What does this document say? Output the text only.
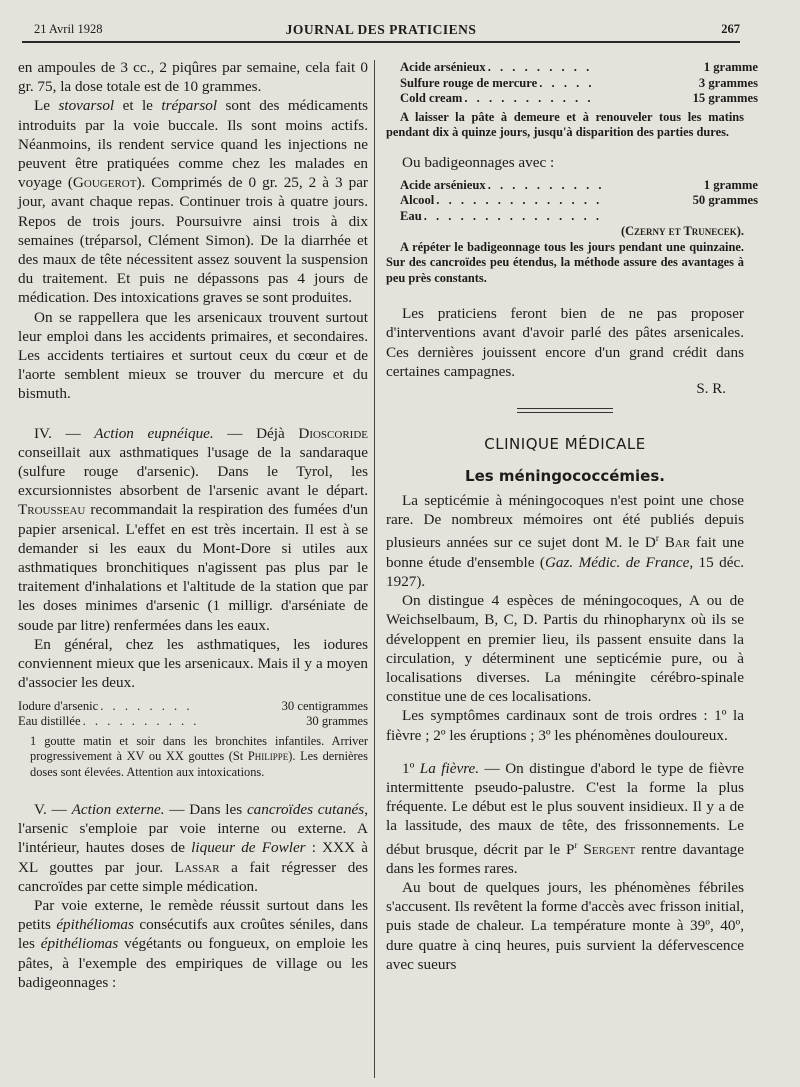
21 Avril 1928	JOURNAL DES PRATICIENS	267

en ampoules de 3 cc., 2 piqûres par semaine, cela fait 0 gr. 75, la dose totale est de 10 grammes.

Le stovarsol et le tréparsol sont des médicaments introduits par la voie buccale. Ils sont moins actifs. Néanmoins, ils rendent service quand les injections ne peuvent être pratiquées comme chez les malades en voyage (Gougerot). Comprimés de 0 gr. 25, 2 à 3 par jour, avant chaque repas. Continuer trois à quatre jours. Repos de trois jours. Poursuivre ainsi trois à dix semaines (tréparsol, Clément Simon). De la diarrhée et des maux de tête nécessitent assez souvent la suspension du traitement. Et puis ne dépassons pas 4 jours de médication. Des intoxications graves se sont produites.

On se rappellera que les arsenicaux trouvent surtout leur emploi dans les accidents primaires, et secondaires. Les accidents tertiaires et surtout ceux du cœur et de l'aorte semblent mieux se trouver du mercure et du bismuth.

IV. — Action eupnéique. — Déjà Dioscoride conseillait aux asthmatiques l'usage de la sandaraque (sulfure rouge d'arsenic). Dans le Tyrol, les excursionnistes absorbent de l'arsenic avant le départ. Trousseau recommandait la respiration des fumées d'un papier arsenical. L'effet en est très incertain. Il est à se demander si les eaux du Mont-Dore si utiles aux asthmatiques bronchitiques n'agissent pas plus par le traitement d'inhalations et l'altitude de la station que par les doses minimes d'arsenic (1 milligr. d'arséniate de soude par litre) renfermées dans les eaux.

En général, chez les asthmatiques, les iodures conviennent mieux que les arsenicaux. Mais il y a moyen d'associer les deux.

Iodure d'arsenic . . . . . . . .	30 centigrammes
Eau distillée . . . . . . . . . .	30 grammes

1 goutte matin et soir dans les bronchites infantiles. Arriver progressivement à XV ou XX gouttes (St Philippe). Les dernières doses sont élevées. Attention aux intoxications.

V. — Action externe. — Dans les cancroïdes cutanés, l'arsenic s'emploie par voie interne ou externe. A l'intérieur, hautes doses de liqueur de Fowler : XXX à XL gouttes par jour. Lassar a fait régresser des cancroïdes par cette simple médication.

Par voie externe, le remède réussit surtout dans les petits épithéliomas consécutifs aux croûtes séniles, dans les épithéliomas végétants ou fongueux, on emploie les pâtes, à l'exemple des empiriques de village ou les badigeonnages :

Acide arsénieux . . . . . . . . .	1 gramme
Sulfure rouge de mercure . . . . .	3 grammes
Cold cream . . . . . . . . . . .	15 grammes

A laisser la pâte à demeure et à renouveler tous les matins pendant dix à quinze jours, jusqu'à disparition des parties dures.

Ou badigeonnages avec :

Acide arsénieux . . . . . . . . . .	1 gramme
Alcool . . . . . . . . . . . . . .	50 grammes
Eau . . . . . . . . . . . . . . .

(Czerny et Trunecek).

A répéter le badigeonnage tous les jours pendant une quinzaine. Sur des cancroïdes peu étendus, la méthode assure des avantages à peu près constants.

Les praticiens feront bien de ne pas proposer d'interventions avant d'avoir parlé des pâtes arsenicales. Ces dernières jouissent encore d'un grand crédit dans certaines campagnes.

S. R.

CLINIQUE MÉDICALE

Les méningococcémies.

La septicémie à méningocoques n'est point une chose rare. De nombreux mémoires ont été publiés depuis plusieurs années sur ce sujet dont M. le $D^r$ Bar fait une bonne étude d'ensemble (Gaz. Médic. de France, 15 déc. 1927).

On distingue 4 espèces de méningocoques, A ou de Weichselbaum, B, C, D. Partis du rhinopharynx où ils se développent en premier lieu, ils passent ensuite dans la circulation, y déterminent une septicémie pure, ou à localisations diverses. La méningite cérébro-spinale constitue une de ces localisations.

Les symptômes cardinaux sont de trois ordres : 1º la fièvre ; 2º les éruptions ; 3º les phénomènes douloureux.

1º La fièvre. — On distingue d'abord le type de fièvre intermittente pseudo-palustre. C'est la forme la plus fréquente. Le début est le plus souvent insidieux. Il y a de la lassitude, des maux de tête, des frissonnements. Le début brusque, décrit par le $P^r$ Sergent rentre davantage dans les formes rares.

Au bout de quelques jours, les phénomènes fébriles s'accusent. Ils revêtent la forme d'accès avec frisson initial, puis stade de chaleur. La température monte à 39º, 40º, dure quatre à cinq heures, puis survient la défervescence avec sueurs
